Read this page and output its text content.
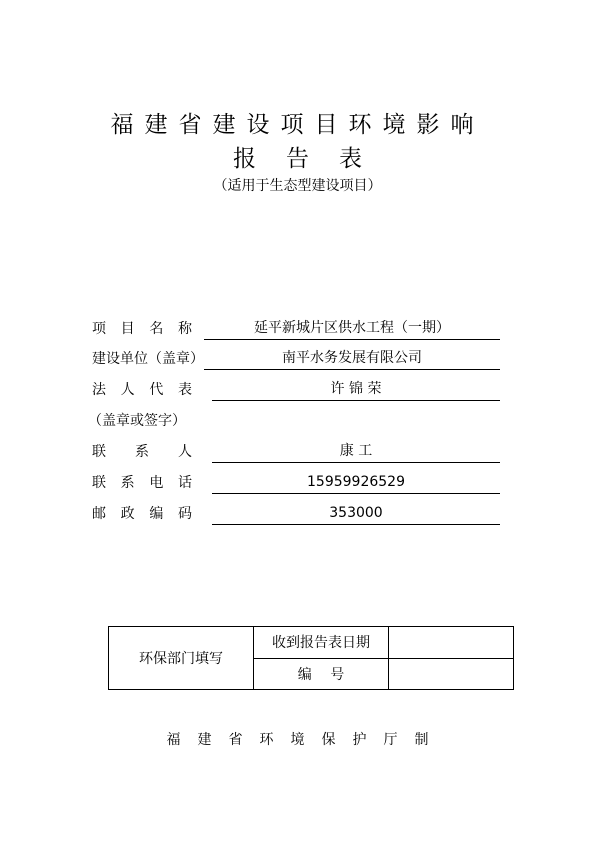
福建省建设项目环境影响
报告表
（适用于生态型建设项目）
项 目 名 称	延平新城片区供水工程（一期）
建设单位（盖章）	南平水务发展有限公司
法 人 代 表	许 锦 荣
（盖章或签字）
联 系 人	康 工
联 系 电 话	15959926529
邮 政 编 码	353000
环保部门填写	收到报告表日期	
	编　 号	
福建省环境保护厅制
